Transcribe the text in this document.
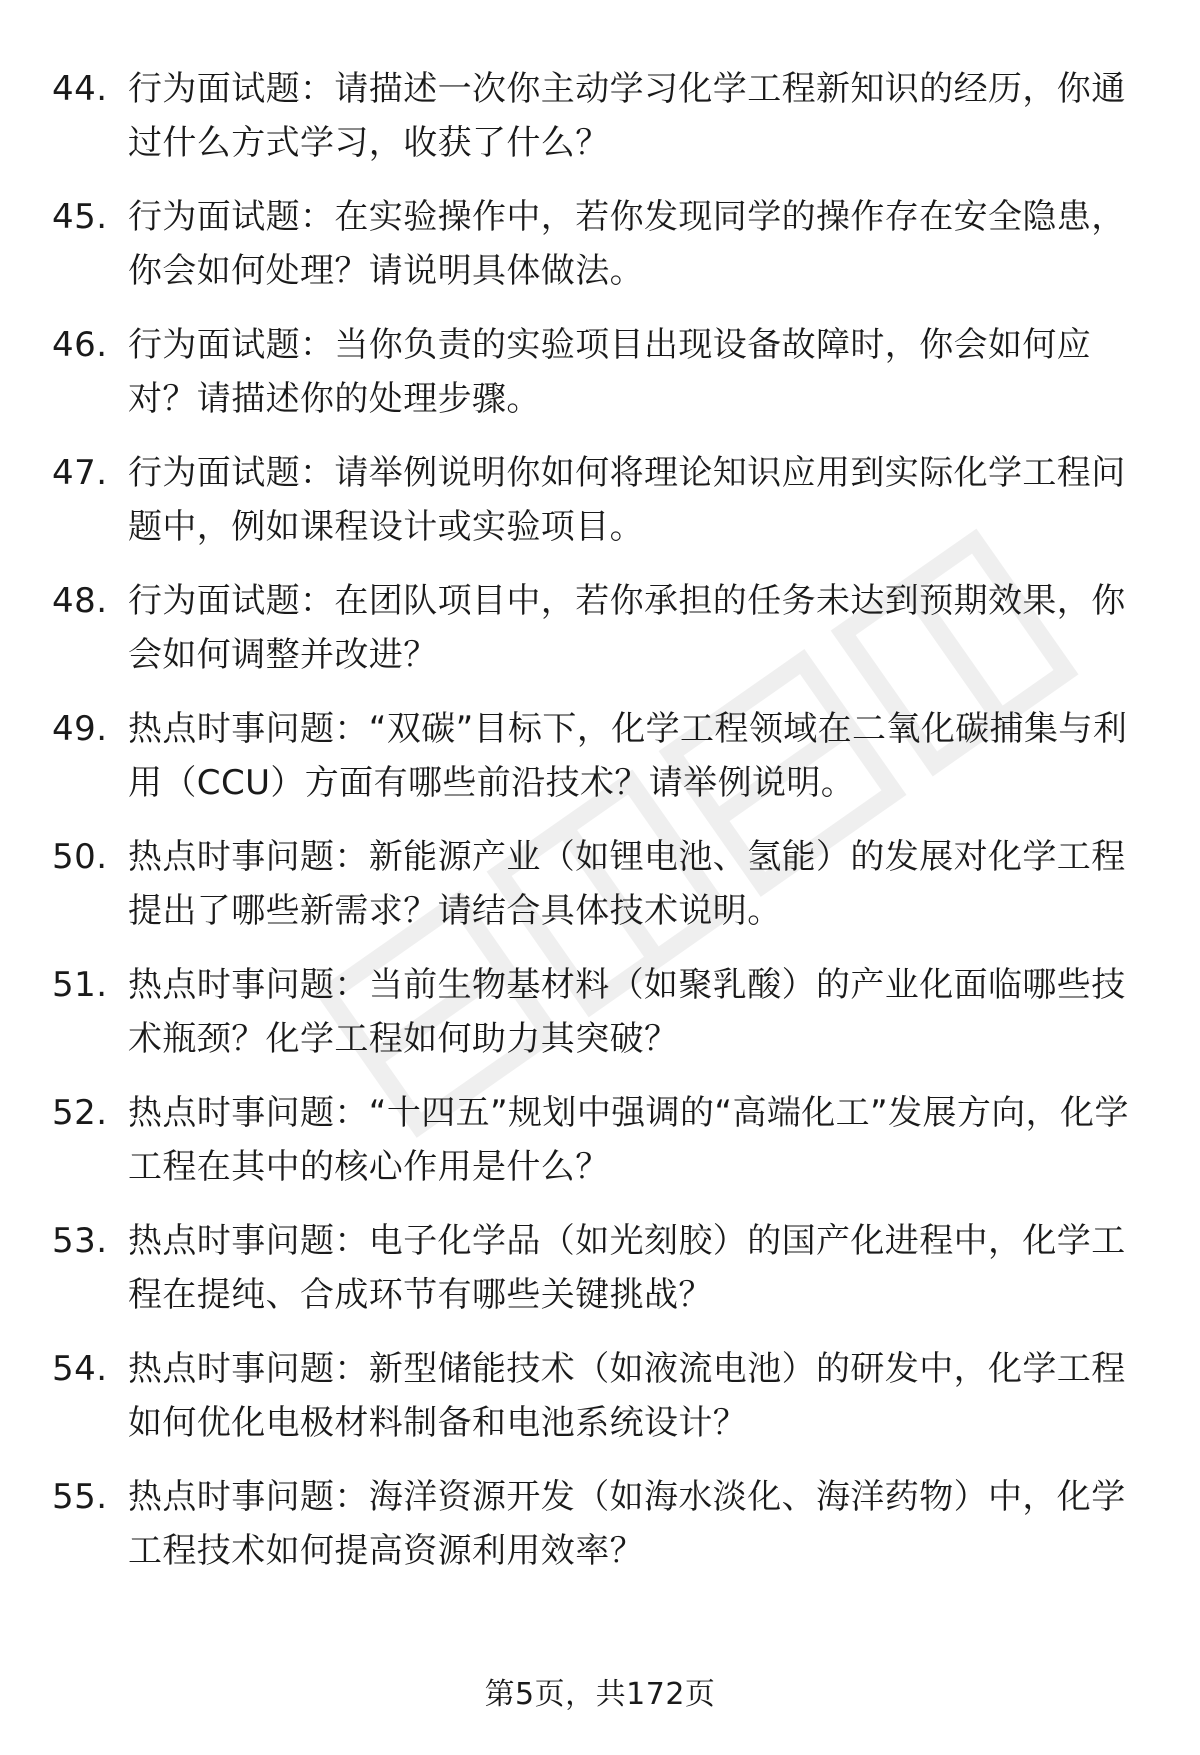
44. 行为面试题：请描述一次你主动学习化学工程新知识的经历，你通过什么方式学习，收获了什么？
45. 行为面试题：在实验操作中，若你发现同学的操作存在安全隐患，你会如何处理？请说明具体做法。
46. 行为面试题：当你负责的实验项目出现设备故障时，你会如何应对？请描述你的处理步骤。
47. 行为面试题：请举例说明你如何将理论知识应用到实际化学工程问题中，例如课程设计或实验项目。
48. 行为面试题：在团队项目中，若你承担的任务未达到预期效果，你会如何调整并改进？
49. 热点时事问题：“双碳”目标下，化学工程领域在二氧化碳捕集与利用（CCU）方面有哪些前沿技术？请举例说明。
50. 热点时事问题：新能源产业（如锂电池、氢能）的发展对化学工程提出了哪些新需求？请结合具体技术说明。
51. 热点时事问题：当前生物基材料（如聚乳酸）的产业化面临哪些技术瓶颈？化学工程如何助力其突破？
52. 热点时事问题：“十四五”规划中强调的“高端化工”发展方向，化学工程在其中的核心作用是什么？
53. 热点时事问题：电子化学品（如光刻胶）的国产化进程中，化学工程在提纯、合成环节有哪些关键挑战？
54. 热点时事问题：新型储能技术（如液流电池）的研发中，化学工程如何优化电极材料制备和电池系统设计？
55. 热点时事问题：海洋资源开发（如海水淡化、海洋药物）中，化学工程技术如何提高资源利用效率？
第5页，共172页
